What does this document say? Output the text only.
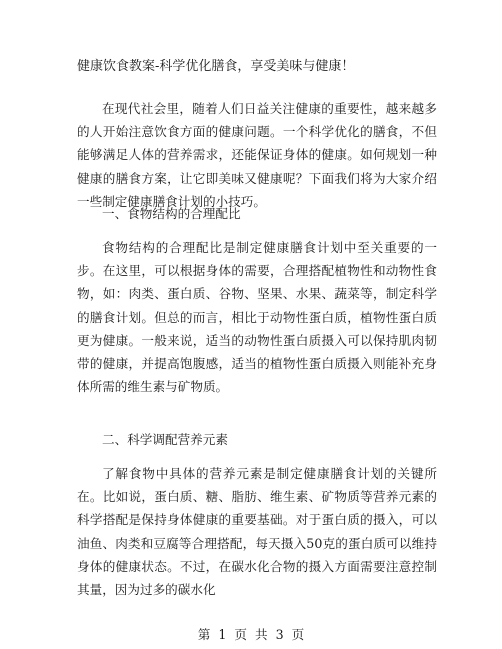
健康饮食教案-科学优化膳食，享受美味与健康！

在现代社会里，随着人们日益关注健康的重要性，越来越多的人开始注意饮食方面的健康问题。一个科学优化的膳食，不但能够满足人体的营养需求，还能保证身体的健康。如何规划一种健康的膳食方案，让它即美味又健康呢？下面我们将为大家介绍一些制定健康膳食计划的小技巧。

一、食物结构的合理配比

食物结构的合理配比是制定健康膳食计划中至关重要的一步。在这里，可以根据身体的需要，合理搭配植物性和动物性食物，如：肉类、蛋白质、谷物、坚果、水果、蔬菜等，制定科学的膳食计划。但总的而言，相比于动物性蛋白质，植物性蛋白质更为健康。一般来说，适当的动物性蛋白质摄入可以保持肌肉韧带的健康，并提高饱腹感，适当的植物性蛋白质摄入则能补充身体所需的维生素与矿物质。

二、科学调配营养元素

了解食物中具体的营养元素是制定健康膳食计划的关键所在。比如说，蛋白质、糖、脂肪、维生素、矿物质等营养元素的科学搭配是保持身体健康的重要基础。对于蛋白质的摄入，可以油鱼、肉类和豆腐等合理搭配，每天摄入50克的蛋白质可以维持身体的健康状态。不过，在碳水化合物的摄入方面需要注意控制其量，因为过多的碳水化

第 1 页 共 3 页
